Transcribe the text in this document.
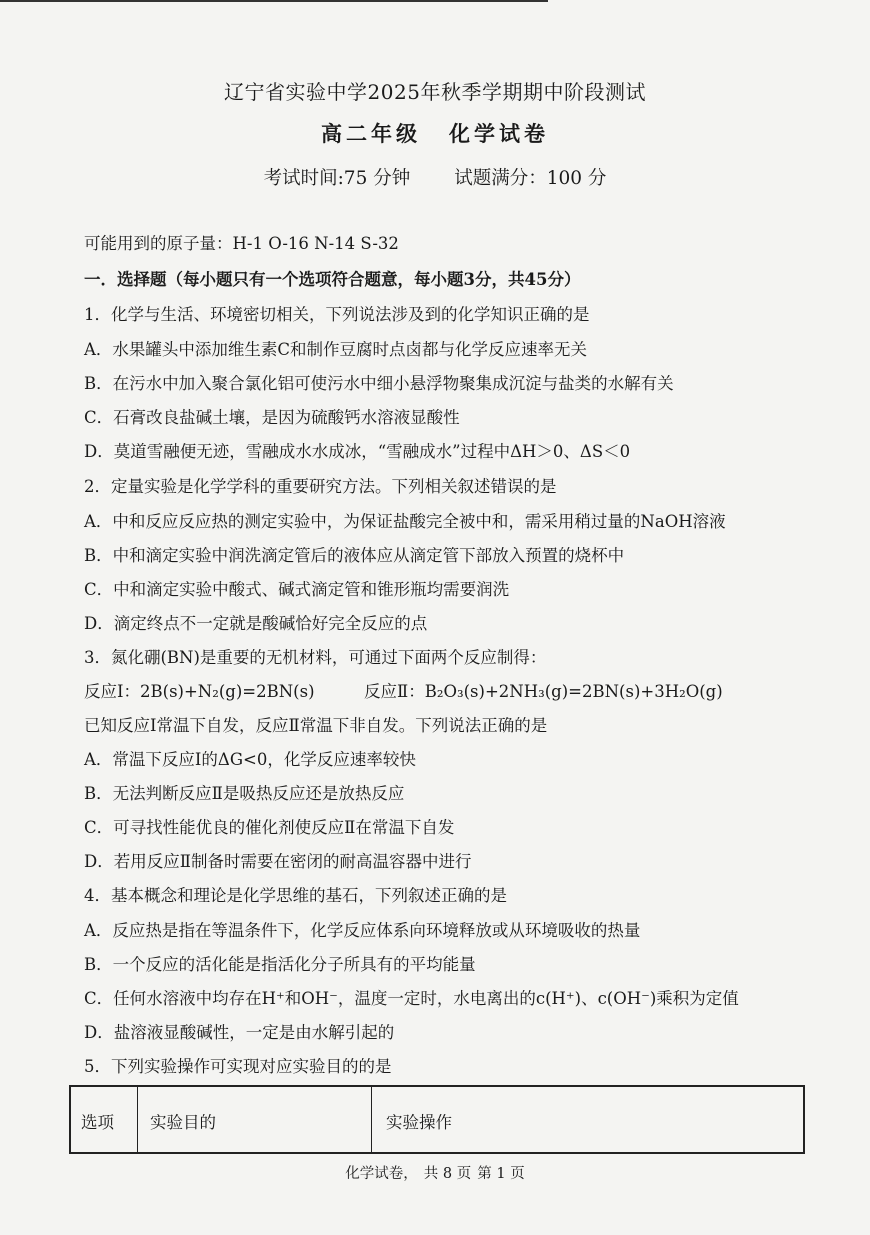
辽宁省实验中学2025年秋季学期期中阶段测试
高二年级 化学试卷
考试时间:75 分钟 试题满分：100 分
可能用到的原子量：H-1 O-16 N-14 S-32
一．选择题（每小题只有一个选项符合题意，每小题3分，共45分）
1．化学与生活、环境密切相关，下列说法涉及到的化学知识正确的是
A．水果罐头中添加维生素C和制作豆腐时点卤都与化学反应速率无关
B．在污水中加入聚合氯化铝可使污水中细小悬浮物聚集成沉淀与盐类的水解有关
C．石膏改良盐碱土壤，是因为硫酸钙水溶液显酸性
D．莫道雪融便无迹，雪融成水水成冰，“雪融成水”过程中ΔH＞0、ΔS＜0
2．定量实验是化学学科的重要研究方法。下列相关叙述错误的是
A．中和反应反应热的测定实验中，为保证盐酸完全被中和，需采用稍过量的NaOH溶液
B．中和滴定实验中润洗滴定管后的液体应从滴定管下部放入预置的烧杯中
C．中和滴定实验中酸式、碱式滴定管和锥形瓶均需要润洗
D．滴定终点不一定就是酸碱恰好完全反应的点
3．氮化硼(BN)是重要的无机材料，可通过下面两个反应制得：
反应Ⅰ：2B(s)+N₂(g)=2BN(s)　　　反应Ⅱ：B₂O₃(s)+2NH₃(g)=2BN(s)+3H₂O(g)
已知反应Ⅰ常温下自发，反应Ⅱ常温下非自发。下列说法正确的是
A．常温下反应Ⅰ的ΔG<0，化学反应速率较快
B．无法判断反应Ⅱ是吸热反应还是放热反应
C．可寻找性能优良的催化剂使反应Ⅱ在常温下自发
D．若用反应Ⅱ制备时需要在密闭的耐高温容器中进行
4．基本概念和理论是化学思维的基石，下列叙述正确的是
A．反应热是指在等温条件下，化学反应体系向环境释放或从环境吸收的热量
B．一个反应的活化能是指活化分子所具有的平均能量
C．任何水溶液中均存在H⁺和OH⁻，温度一定时，水电离出的c(H⁺)、c(OH⁻)乘积为定值
D．盐溶液显酸碱性，一定是由水解引起的
5．下列实验操作可实现对应实验目的的是
选项	实验目的	实验操作
化学试卷， 共 8 页 第 1 页
